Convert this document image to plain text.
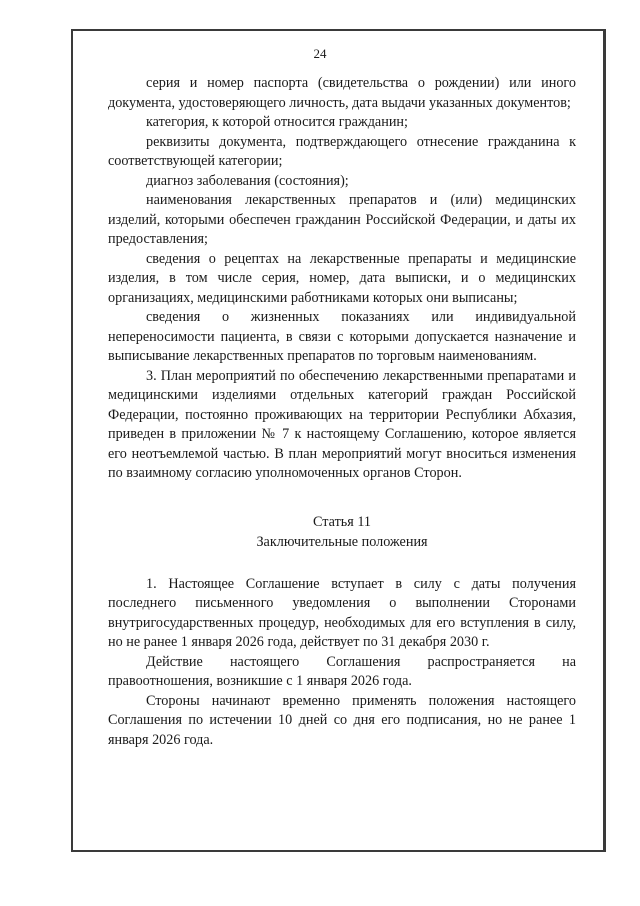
24

серия и номер паспорта (свидетельства о рождении) или иного документа, удостоверяющего личность, дата выдачи указанных документов;

категория, к которой относится гражданин;

реквизиты документа, подтверждающего отнесение гражданина к соответствующей категории;

диагноз заболевания (состояния);

наименования лекарственных препаратов и (или) медицинских изделий, которыми обеспечен гражданин Российской Федерации, и даты их предоставления;

сведения о рецептах на лекарственные препараты и медицинские изделия, в том числе серия, номер, дата выписки, и о медицинских организациях, медицинскими работниками которых они выписаны;

сведения о жизненных показаниях или индивидуальной непереносимости пациента, в связи с которыми допускается назначение и выписывание лекарственных препаратов по торговым наименованиям.

3. План мероприятий по обеспечению лекарственными препаратами и медицинскими изделиями отдельных категорий граждан Российской Федерации, постоянно проживающих на территории Республики Абхазия, приведен в приложении № 7 к настоящему Соглашению, которое является его неотъемлемой частью. В план мероприятий могут вноситься изменения по взаимному согласию уполномоченных органов Сторон.

Статья 11
Заключительные положения

1. Настоящее Соглашение вступает в силу с даты получения последнего письменного уведомления о выполнении Сторонами внутригосударственных процедур, необходимых для его вступления в силу, но не ранее 1 января 2026 года, действует по 31 декабря 2030 г.

Действие настоящего Соглашения распространяется на правоотношения, возникшие с 1 января 2026 года.

Стороны начинают временно применять положения настоящего Соглашения по истечении 10 дней со дня его подписания, но не ранее 1 января 2026 года.
